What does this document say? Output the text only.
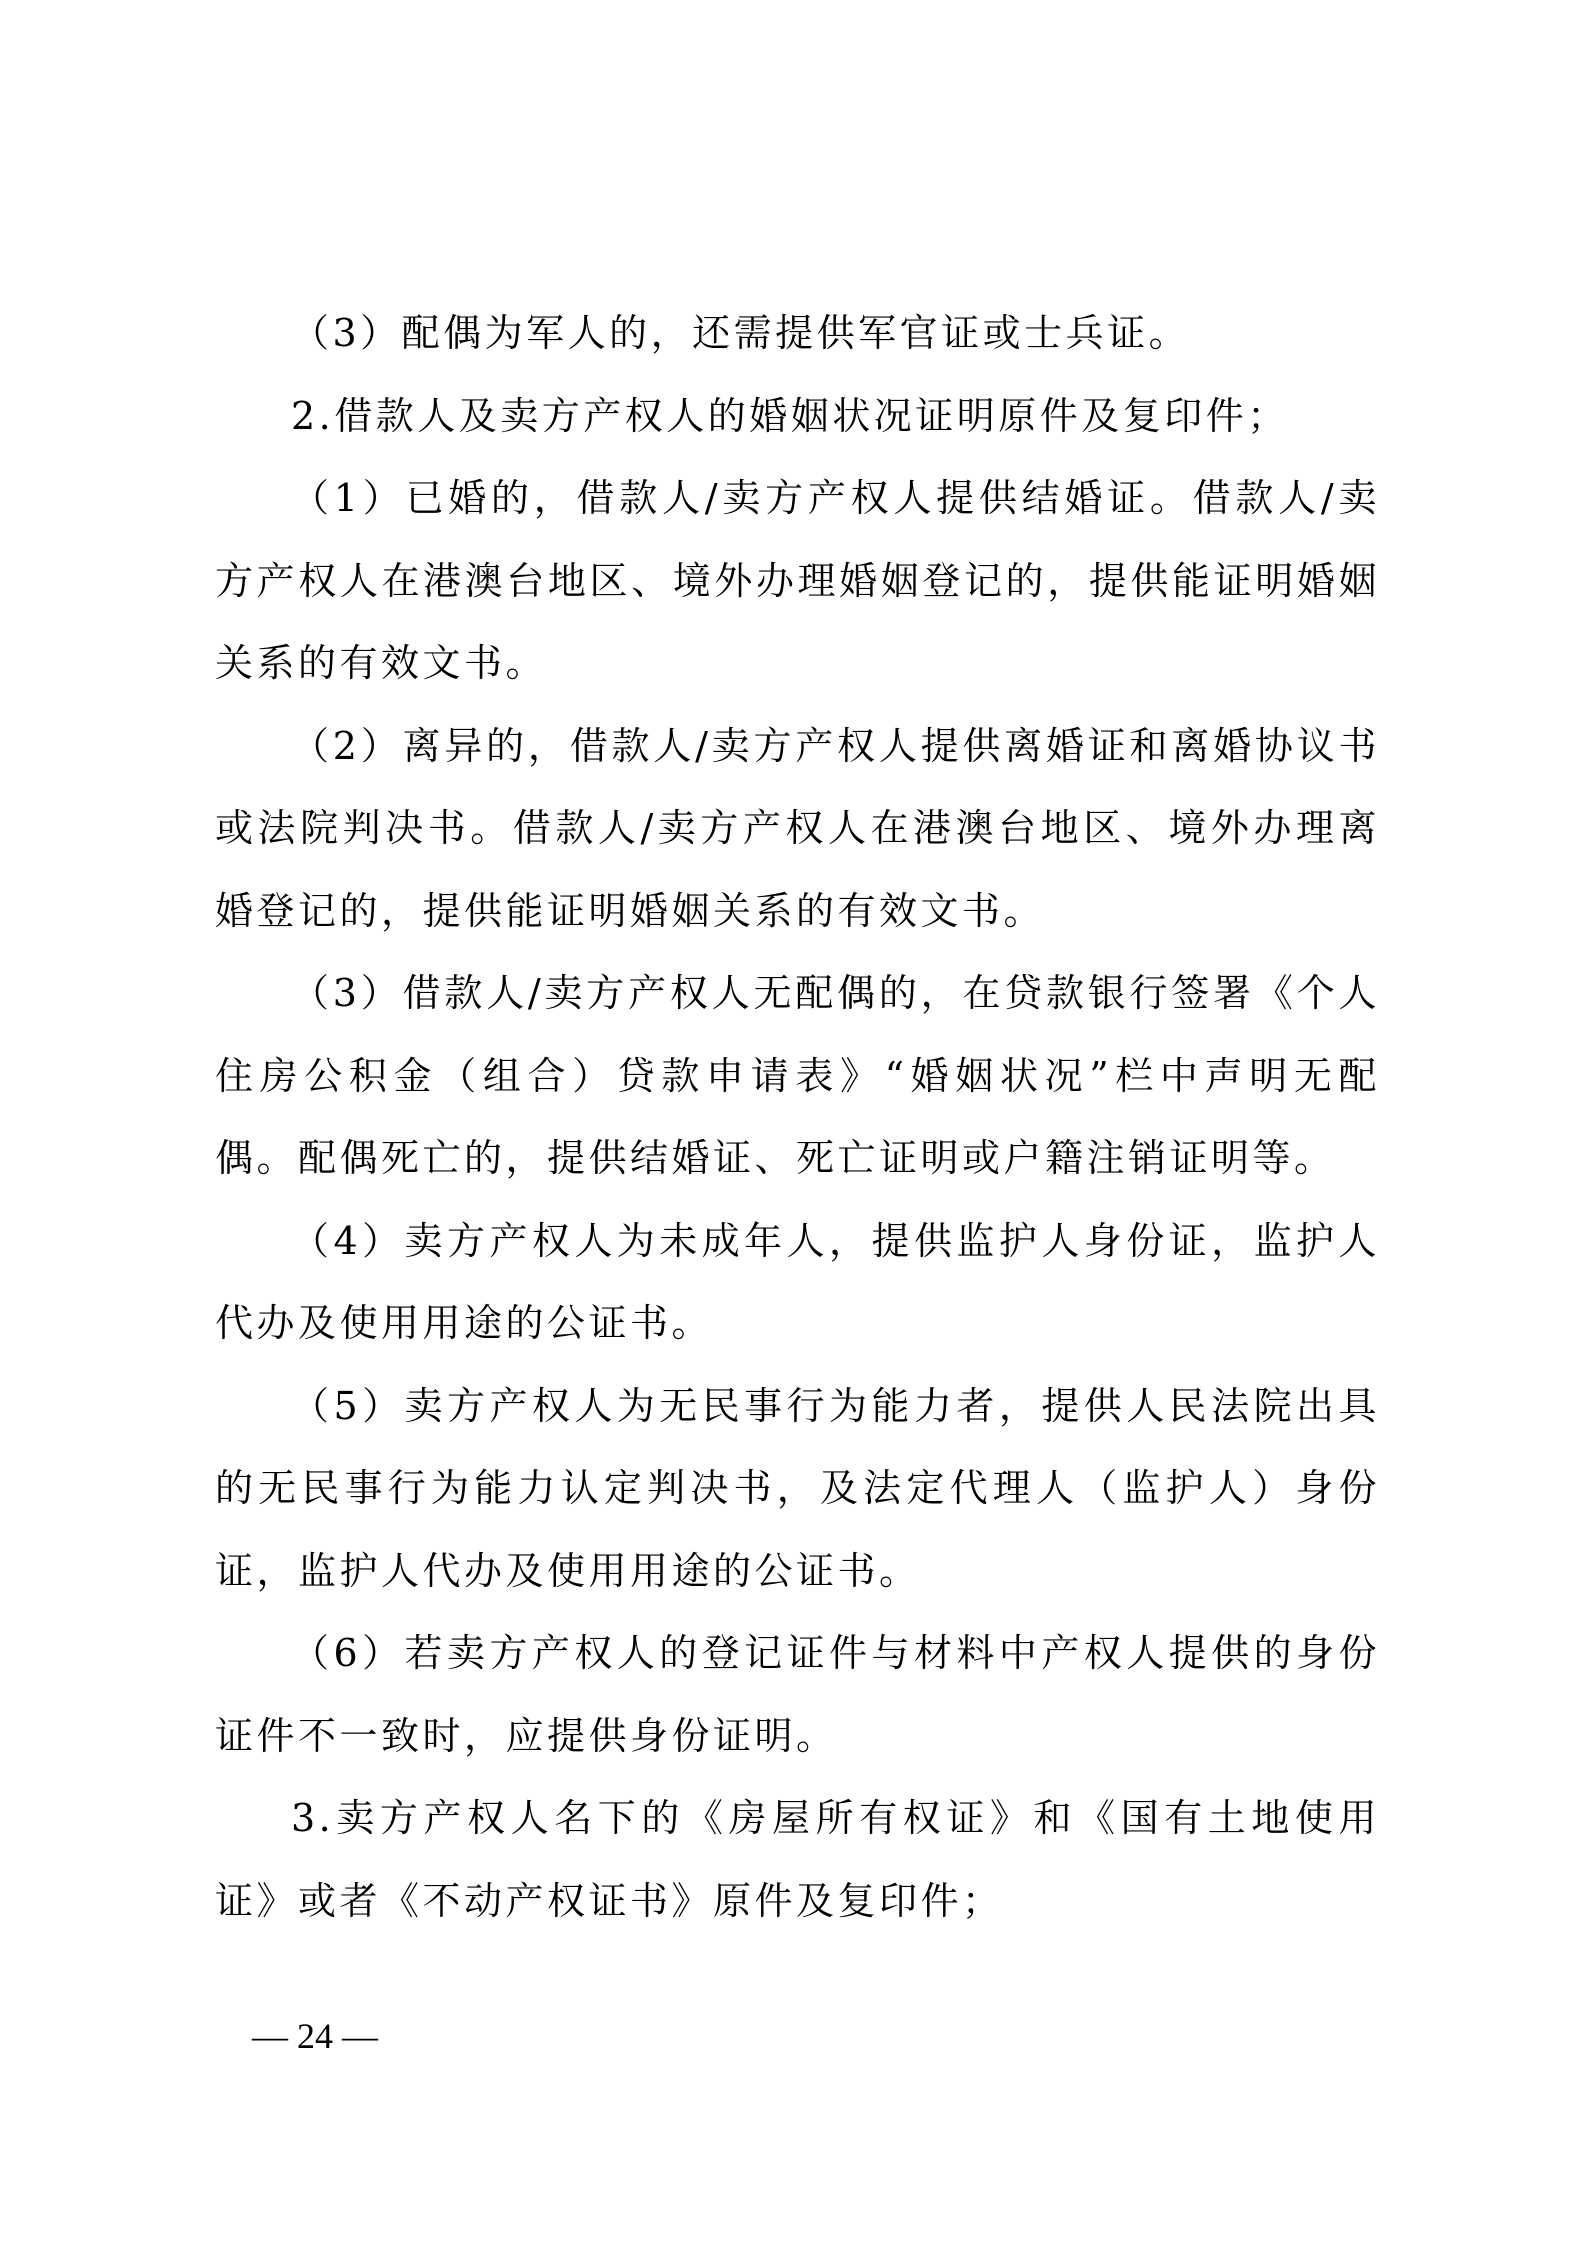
（3）配偶为军人的，还需提供军官证或士兵证。

2.借款人及卖方产权人的婚姻状况证明原件及复印件；

（1）已婚的，借款人/卖方产权人提供结婚证。借款人/卖方产权人在港澳台地区、境外办理婚姻登记的，提供能证明婚姻关系的有效文书。

（2）离异的，借款人/卖方产权人提供离婚证和离婚协议书或法院判决书。借款人/卖方产权人在港澳台地区、境外办理离婚登记的，提供能证明婚姻关系的有效文书。

（3）借款人/卖方产权人无配偶的，在贷款银行签署《个人住房公积金（组合）贷款申请表》“婚姻状况”栏中声明无配偶。配偶死亡的，提供结婚证、死亡证明或户籍注销证明等。

（4）卖方产权人为未成年人，提供监护人身份证，监护人代办及使用用途的公证书。

（5）卖方产权人为无民事行为能力者，提供人民法院出具的无民事行为能力认定判决书，及法定代理人（监护人）身份证，监护人代办及使用用途的公证书。

（6）若卖方产权人的登记证件与材料中产权人提供的身份证件不一致时，应提供身份证明。

3.卖方产权人名下的《房屋所有权证》和《国有土地使用证》或者《不动产权证书》原件及复印件；

— 24 —
